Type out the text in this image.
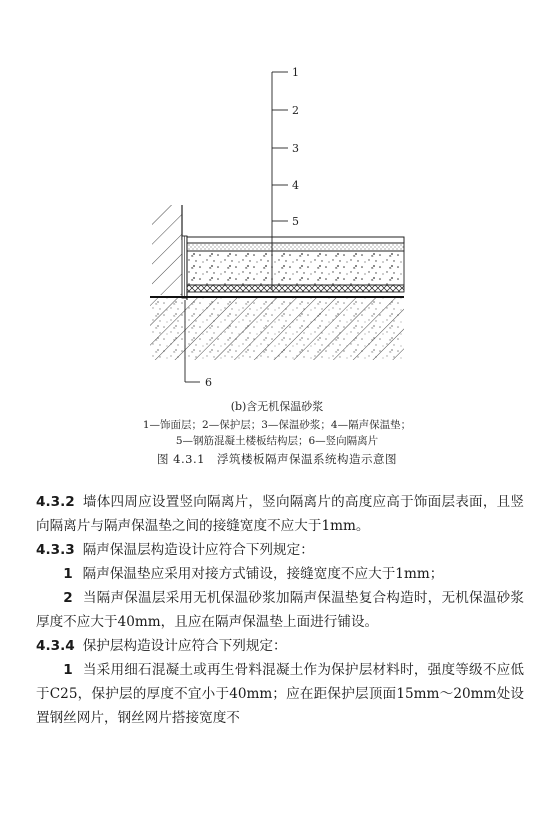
6
1
2
3
4
5
(b)含无机保温砂浆
1—饰面层；2—保护层；3—保温砂浆；4—隔声保温垫；
5—钢筋混凝土楼板结构层；6—竖向隔离片
图 4.3.1　浮筑楼板隔声保温系统构造示意图

4.3.2 墙体四周应设置竖向隔离片，竖向隔离片的高度应高于饰面层表面，且竖向隔离片与隔声保温垫之间的接缝宽度不应大于1mm。

4.3.3 隔声保温层构造设计应符合下列规定：

1 隔声保温垫应采用对接方式铺设，接缝宽度不应大于1mm；

2 当隔声保温层采用无机保温砂浆加隔声保温垫复合构造时，无机保温砂浆厚度不应大于40mm，且应在隔声保温垫上面进行铺设。

4.3.4 保护层构造设计应符合下列规定：

1 当采用细石混凝土或再生骨料混凝土作为保护层材料时，强度等级不应低于C25，保护层的厚度不宜小于40mm；应在距保护层顶面15mm～20mm处设置钢丝网片，钢丝网片搭接宽度不
